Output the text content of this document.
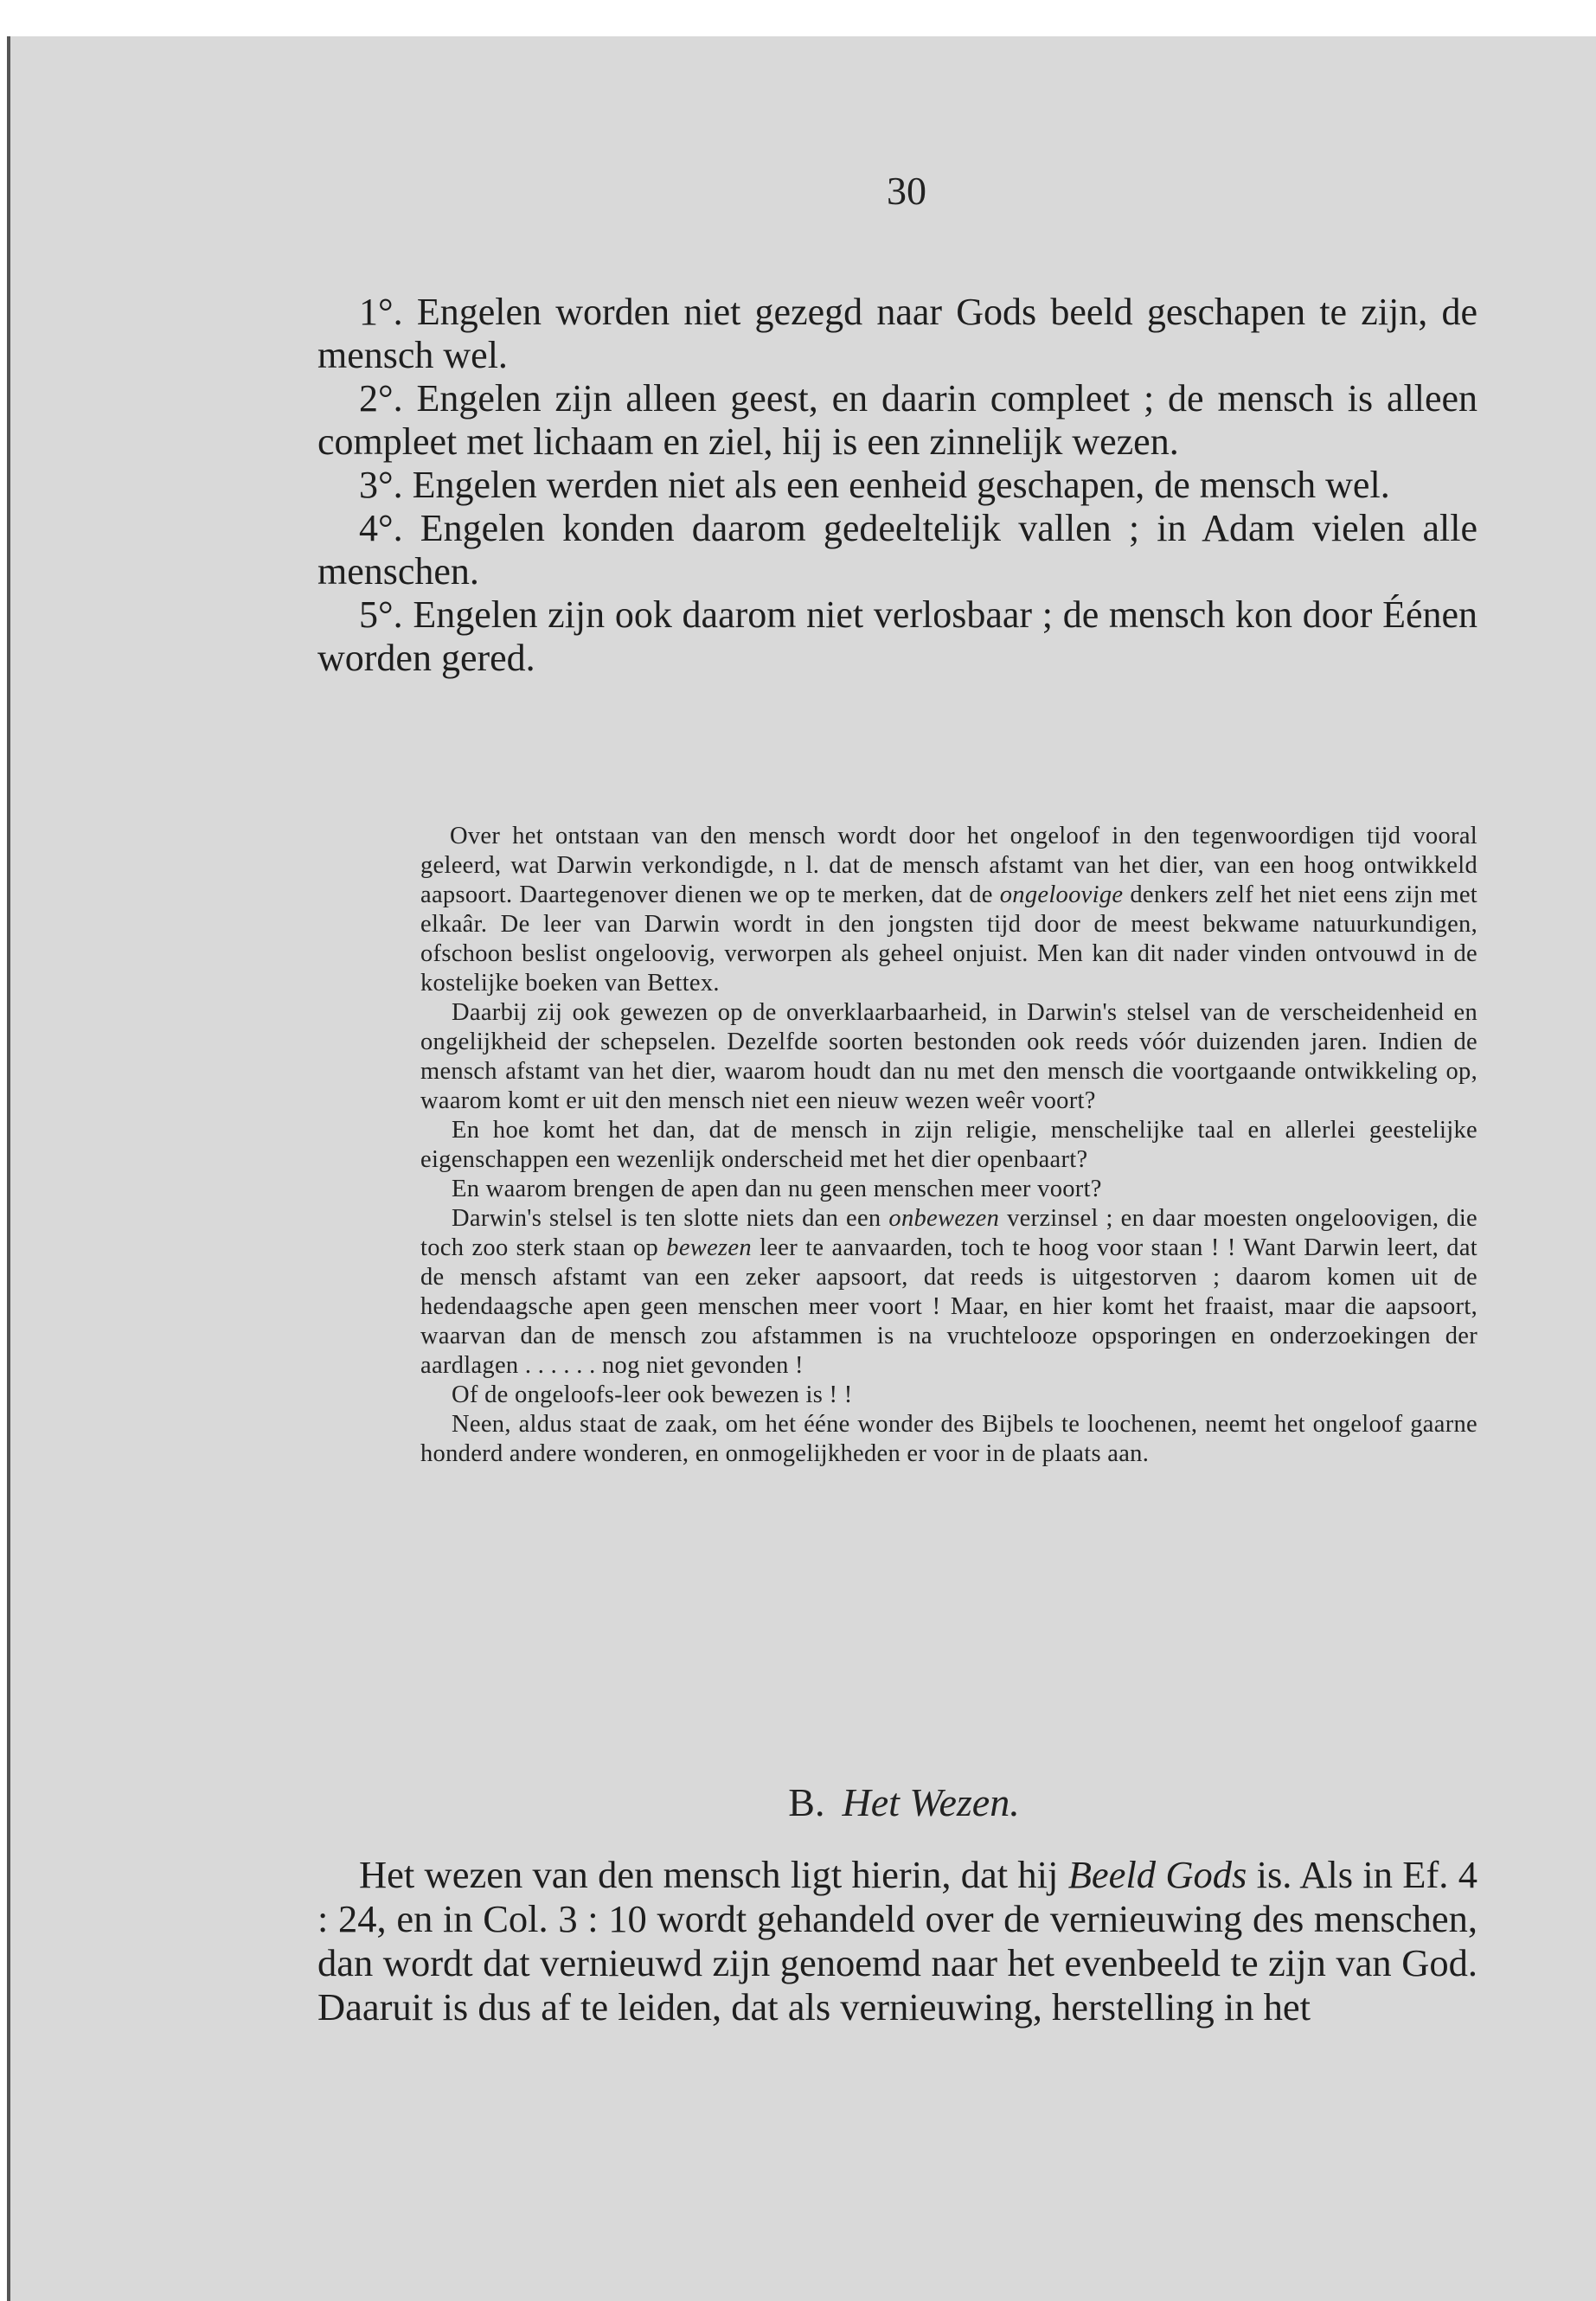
30

1°. Engelen worden niet gezegd naar Gods beeld geschapen te zijn, de mensch wel.

2°. Engelen zijn alleen geest, en daarin compleet ; de mensch is alleen compleet met lichaam en ziel, hij is een zinnelijk wezen.

3°. Engelen werden niet als een eenheid geschapen, de mensch wel.

4°. Engelen konden daarom gedeeltelijk vallen ; in Adam vielen alle menschen.

5°. Engelen zijn ook daarom niet verlosbaar ; de mensch kon door Éénen worden gered.

Over het ontstaan van den mensch wordt door het ongeloof in den tegenwoordigen tijd vooral geleerd, wat Darwin verkondigde, n l. dat de mensch afstamt van het dier, van een hoog ontwikkeld aapsoort. Daartegenover dienen we op te merken, dat de ongeloovige denkers zelf het niet eens zijn met elkaâr. De leer van Darwin wordt in den jongsten tijd door de meest bekwame natuurkundigen, ofschoon beslist ongeloovig, verworpen als geheel onjuist. Men kan dit nader vinden ontvouwd in de kostelijke boeken van Bettex.

Daarbij zij ook gewezen op de onverklaarbaarheid, in Darwin's stelsel van de verscheidenheid en ongelijkheid der schepselen. Dezelfde soorten bestonden ook reeds vóór duizenden jaren. Indien de mensch afstamt van het dier, waarom houdt dan nu met den mensch die voortgaande ontwikkeling op, waarom komt er uit den mensch niet een nieuw wezen weêr voort?

En hoe komt het dan, dat de mensch in zijn religie, menschelijke taal en allerlei geestelijke eigenschappen een wezenlijk onderscheid met het dier openbaart?

En waarom brengen de apen dan nu geen menschen meer voort?

Darwin's stelsel is ten slotte niets dan een onbewezen verzinsel ; en daar moesten ongeloovigen, die toch zoo sterk staan op bewezen leer te aanvaarden, toch te hoog voor staan ! ! Want Darwin leert, dat de mensch afstamt van een zeker aapsoort, dat reeds is uitgestorven ; daarom komen uit de hedendaagsche apen geen menschen meer voort ! Maar, en hier komt het fraaist, maar die aapsoort, waarvan dan de mensch zou afstammen is na vruchtelooze opsporingen en onderzoekingen der aardlagen . . . . . . nog niet gevonden !

Of de ongeloofs-leer ook bewezen is ! !

Neen, aldus staat de zaak, om het ééne wonder des Bijbels te loochenen, neemt het ongeloof gaarne honderd andere wonderen, en onmogelijkheden er voor in de plaats aan.

B. Het Wezen.

Het wezen van den mensch ligt hierin, dat hij Beeld Gods is. Als in Ef. 4 : 24, en in Col. 3 : 10 wordt gehandeld over de vernieuwing des menschen, dan wordt dat vernieuwd zijn genoemd naar het evenbeeld te zijn van God. Daaruit is dus af te leiden, dat als vernieuwing, herstelling in het
